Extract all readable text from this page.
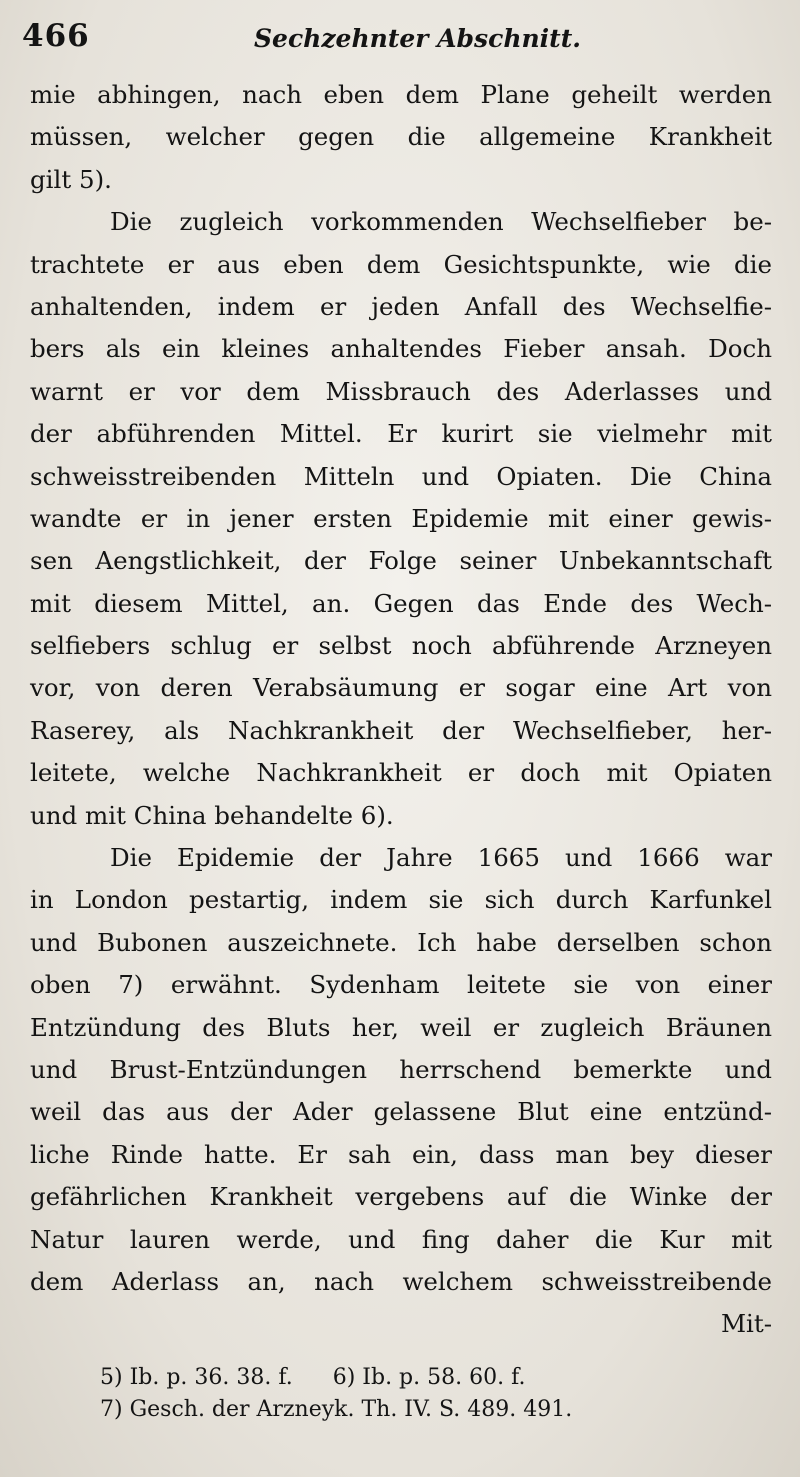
466	Sechzehnter Abschnitt.
mie abhingen, nach eben dem Plane geheilt werden
müssen, welcher gegen die allgemeine Krankheit
gilt 5).
Die zugleich vorkommenden Wechselfieber be-
trachtete er aus eben dem Gesichtspunkte, wie die
anhaltenden, indem er jeden Anfall des Wechselfie-
bers als ein kleines anhaltendes Fieber ansah. Doch
warnt er vor dem Missbrauch des Aderlasses und
der abführenden Mittel. Er kurirt sie vielmehr mit
schweisstreibenden Mitteln und Opiaten. Die China
wandte er in jener ersten Epidemie mit einer gewis-
sen Aengstlichkeit, der Folge seiner Unbekanntschaft
mit diesem Mittel, an. Gegen das Ende des Wech-
selfiebers schlug er selbst noch abführende Arzneyen
vor, von deren Verabsäumung er sogar eine Art von
Raserey, als Nachkrankheit der Wechselfieber, her-
leitete, welche Nachkrankheit er doch mit Opiaten
und mit China behandelte 6).
Die Epidemie der Jahre 1665 und 1666 war
in London pestartig, indem sie sich durch Karfunkel
und Bubonen auszeichnete. Ich habe derselben schon
oben 7) erwähnt. Sydenham leitete sie von einer
Entzündung des Bluts her, weil er zugleich Bräunen
und Brust-Entzündungen herrschend bemerkte und
weil das aus der Ader gelassene Blut eine entzünd-
liche Rinde hatte. Er sah ein, dass man bey dieser
gefährlichen Krankheit vergebens auf die Winke der
Natur lauren werde, und fing daher die Kur mit
dem Aderlass an, nach welchem schweisstreibende
Mit-
5) Ib. p. 36. 38. f. 6) Ib. p. 58. 60. f.
7) Gesch. der Arzneyk. Th. IV. S. 489. 491.
